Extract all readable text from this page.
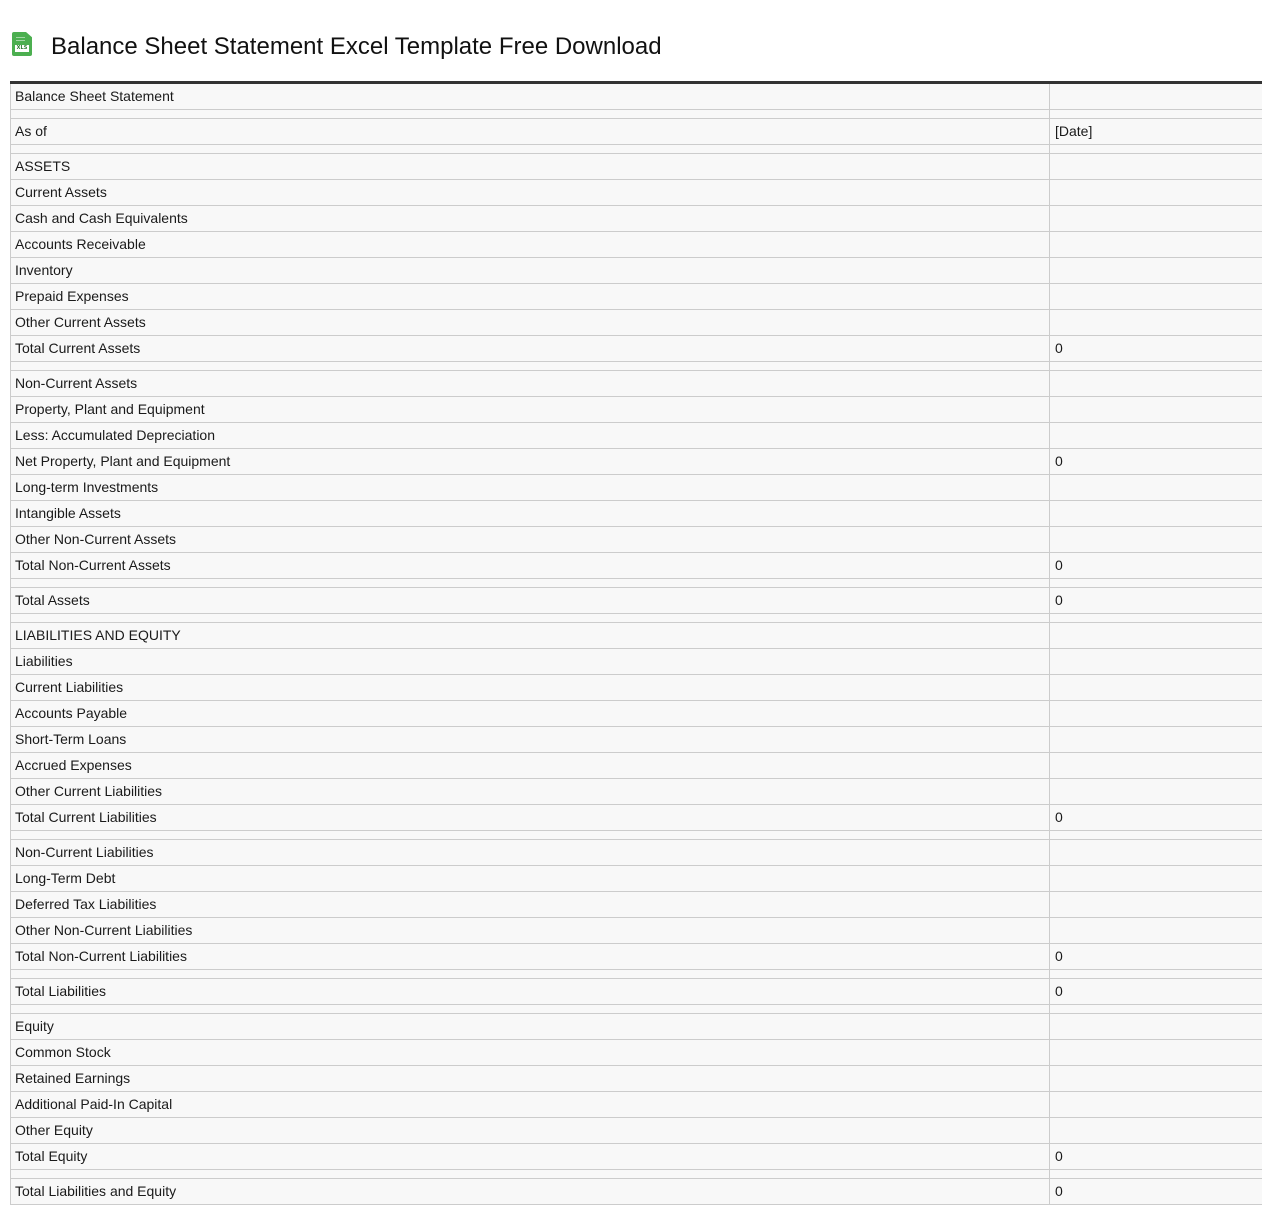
XLS Balance Sheet Statement Excel Template Free Download
Balance Sheet Statement	

As of	[Date]

ASSETS	
Current Assets	
Cash and Cash Equivalents	
Accounts Receivable	
Inventory	
Prepaid Expenses	
Other Current Assets	
Total Current Assets	0

Non-Current Assets	
Property, Plant and Equipment	
Less: Accumulated Depreciation	
Net Property, Plant and Equipment	0
Long-term Investments	
Intangible Assets	
Other Non-Current Assets	
Total Non-Current Assets	0

Total Assets	0

LIABILITIES AND EQUITY	
Liabilities	
Current Liabilities	
Accounts Payable	
Short-Term Loans	
Accrued Expenses	
Other Current Liabilities	
Total Current Liabilities	0

Non-Current Liabilities	
Long-Term Debt	
Deferred Tax Liabilities	
Other Non-Current Liabilities	
Total Non-Current Liabilities	0

Total Liabilities	0

Equity	
Common Stock	
Retained Earnings	
Additional Paid-In Capital	
Other Equity	
Total Equity	0

Total Liabilities and Equity	0
